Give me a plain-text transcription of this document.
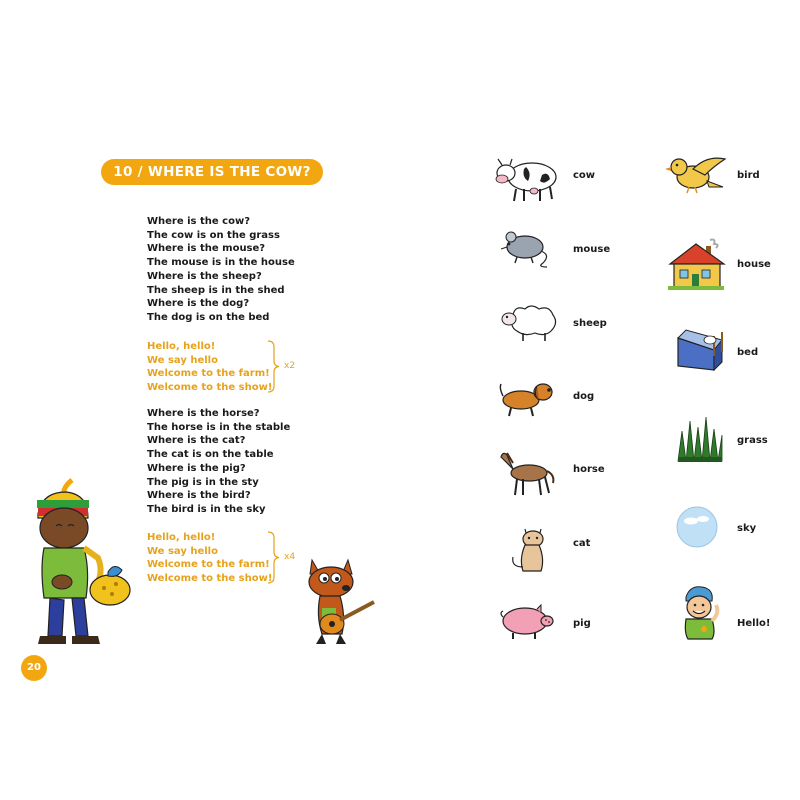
10 / WHERE IS THE COW?
Where is the cow?
The cow is on the grass
Where is the mouse?
The mouse is in the house
Where is the sheep?
The sheep is in the shed
Where is the dog?
The dog is on the bed
Hello, hello!
We say hello
Welcome to the farm!
Welcome to the show!
x2
Where is the horse?
The horse is in the stable
Where is the cat?
The cat is on the table
Where is the pig?
The pig is in the sty
Where is the bird?
The bird is in the sky
Hello, hello!
We say hello
Welcome to the farm!
Welcome to the show!
x4
cow
mouse
sheep
dog
horse
cat
pig
bird
house
bed
grass
sky
Hello!
20
